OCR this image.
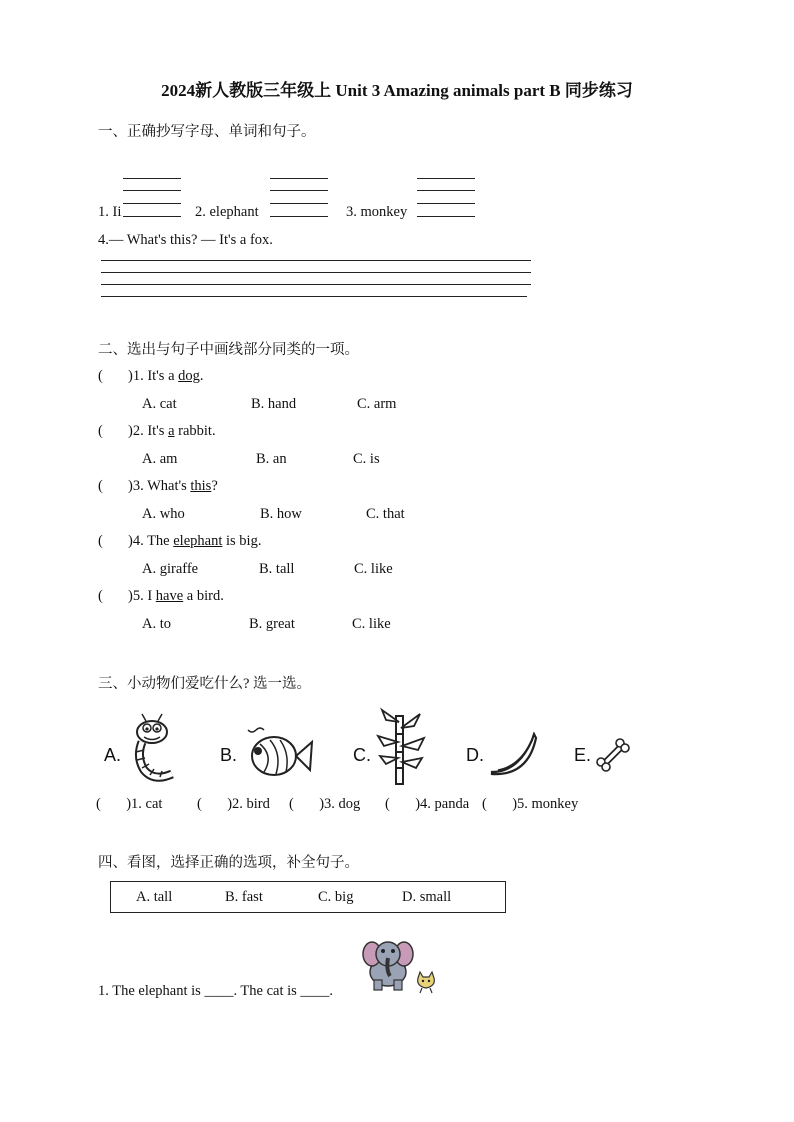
2024新人教版三年级上 Unit 3 Amazing animals part B 同步练习
一、正确抄写字母、单词和句子。
1. Ii	2. elephant	3. monkey
4.— What's this? — It's a fox.
二、选出与句子中画线部分同类的一项。
( )1. It's a dog.
A. cat	B. hand	C. arm
( )2. It's a rabbit.
A. am	B. an	C. is
( )3. What's this?
A. who	B. how	C. that
( )4. The elephant is big.
A. giraffe	B. tall	C. like
( )5. I have a bird.
A. to	B. great	C. like
三、小动物们爱吃什么? 选一选。
A.	B.	C.	D.	E.
(       )1. cat (       )2. bird (       )3. dog (       )4. panda (       )5. monkey
四、看图，选择正确的选项，补全句子。
A. tall	B. fast	C. big	D. small
1. The elephant is ____. The cat is ____.
